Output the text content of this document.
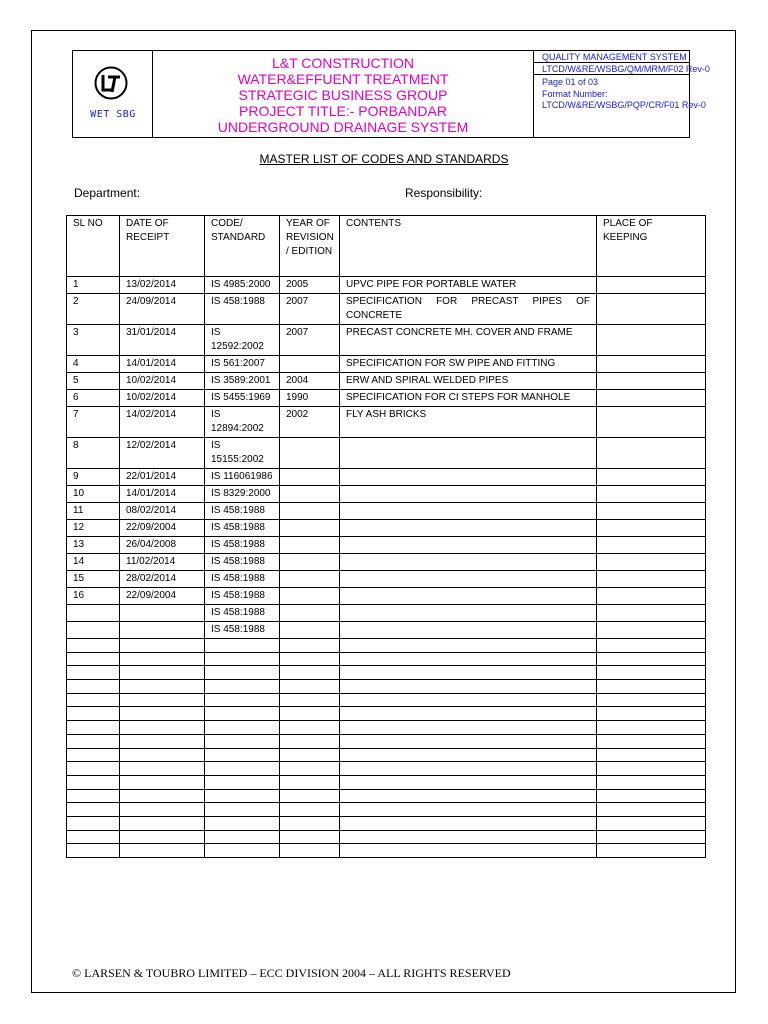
WET SBG
L&T CONSTRUCTION
WATER&EFFUENT TREATMENT
STRATEGIC BUSINESS GROUP
PROJECT TITLE:- PORBANDAR
UNDERGROUND DRAINAGE SYSTEM
QUALITY MANAGEMENT SYSTEM
LTCD/W&RE/WSBG/QM/MRM/F02 Rev-0
Page 01 of 03
Format Number:
LTCD/W&RE/WSBG/PQP/CR/F01 Rev-0
MASTER LIST OF CODES AND STANDARDS
Department:	Responsibility:
SL NO	DATE OF RECEIPT	CODE/ STANDARD	YEAR OF REVISION / EDITION	CONTENTS	PLACE OF KEEPING
1	13/02/2014	IS 4985:2000	2005	UPVC PIPE FOR PORTABLE WATER	
2	24/09/2014	IS 458:1988	2007	SPECIFICATION FOR PRECAST PIPES OF CONCRETE	
3	31/01/2014	IS 12592:2002	2007	PRECAST CONCRETE MH. COVER AND FRAME	
4	14/01/2014	IS 561:2007		SPECIFICATION FOR SW PIPE AND FITTING	
5	10/02/2014	IS 3589:2001	2004	ERW AND SPIRAL WELDED PIPES	
6	10/02/2014	IS 5455:1969	1990	SPECIFICATION FOR CI STEPS FOR MANHOLE	
7	14/02/2014	IS 12894:2002	2002	FLY ASH BRICKS	
8	12/02/2014	IS 15155:2002			
9	22/01/2014	IS 116061986			
10	14/01/2014	IS 8329:2000			
11	08/02/2014	IS 458:1988			
12	22/09/2004	IS 458:1988			
13	26/04/2008	IS 458:1988			
14	11/02/2014	IS 458:1988			
15	28/02/2014	IS 458:1988			
16	22/09/2004	IS 458:1988			
		IS 458:1988			
		IS 458:1988			

© LARSEN & TOUBRO LIMITED – ECC DIVISION 2004 – ALL RIGHTS RESERVED
